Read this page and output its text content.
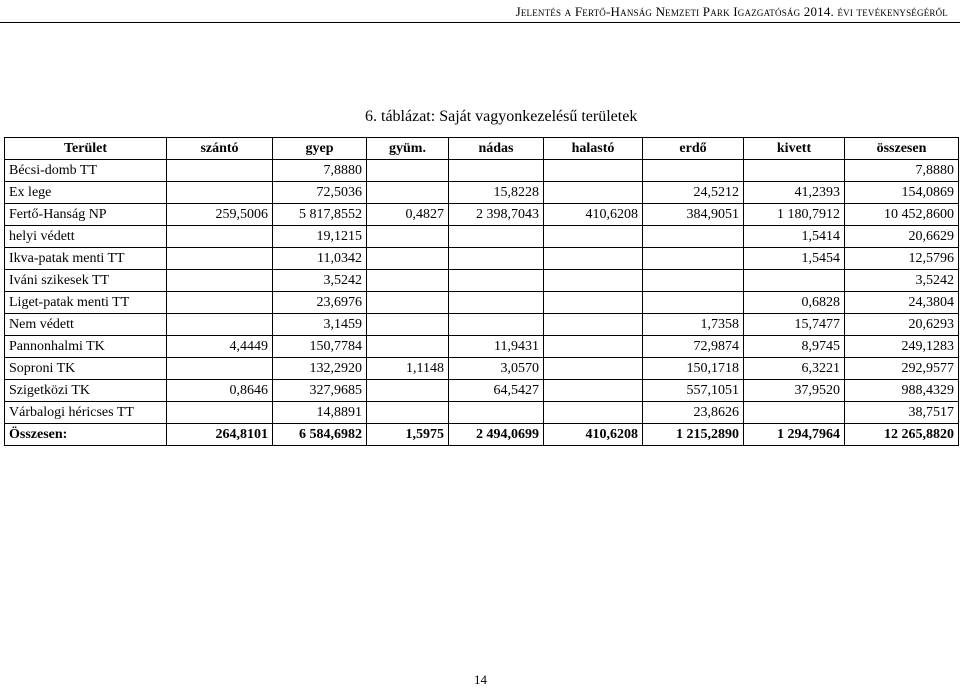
Jelentés a Fertő-Hanság Nemzeti Park Igazgatóság 2014. évi tevékenységéről
6. táblázat: Saját vagyonkezelésű területek
Terület	szántó	gyep	gyüm.	nádas	halastó	erdő	kivett	összesen
Bécsi-domb TT		7,8880						7,8880
Ex lege		72,5036		15,8228		24,5212	41,2393	154,0869
Fertő-Hanság NP	259,5006	5 817,8552	0,4827	2 398,7043	410,6208	384,9051	1 180,7912	10 452,8600
helyi védett		19,1215					1,5414	20,6629
Ikva-patak menti TT		11,0342					1,5454	12,5796
Iváni szikesek TT		3,5242						3,5242
Liget-patak menti TT		23,6976					0,6828	24,3804
Nem védett		3,1459				1,7358	15,7477	20,6293
Pannonhalmi TK	4,4449	150,7784		11,9431		72,9874	8,9745	249,1283
Soproni TK		132,2920	1,1148	3,0570		150,1718	6,3221	292,9577
Szigetközi TK	0,8646	327,9685		64,5427		557,1051	37,9520	988,4329
Várbalogi héricses TT		14,8891				23,8626		38,7517
Összesen:	264,8101	6 584,6982	1,5975	2 494,0699	410,6208	1 215,2890	1 294,7964	12 265,8820
14
